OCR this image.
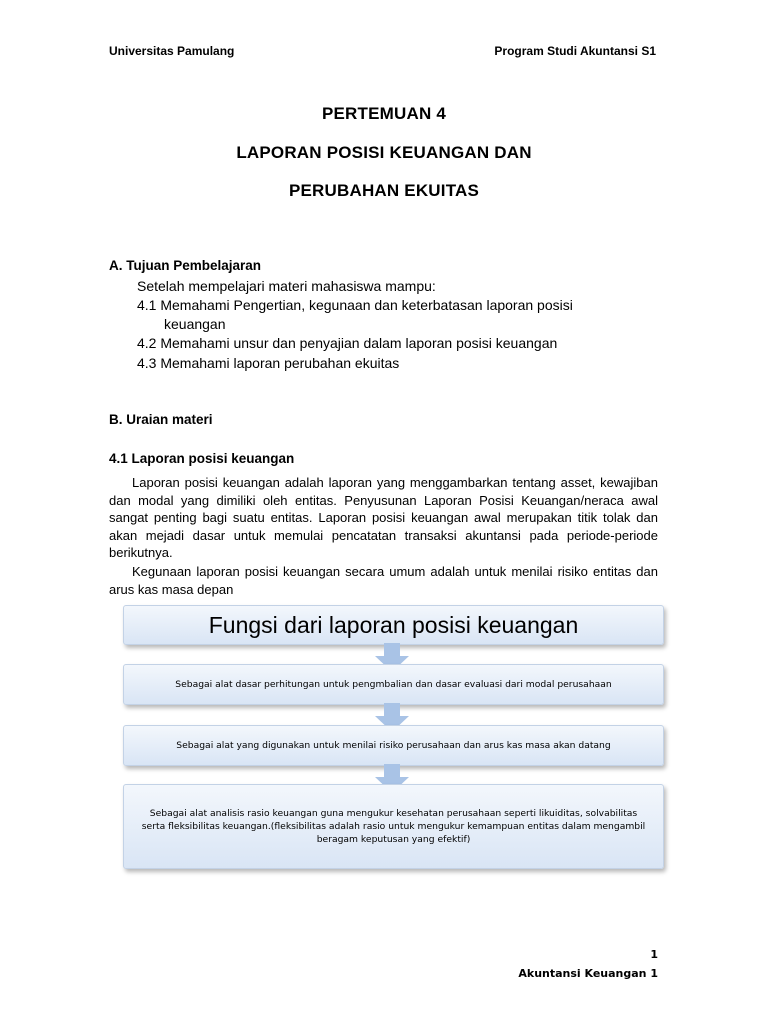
Universitas Pamulang	Program Studi Akuntansi S1
PERTEMUAN 4
LAPORAN POSISI KEUANGAN DAN
PERUBAHAN EKUITAS
A. Tujuan Pembelajaran
Setelah mempelajari materi mahasiswa mampu:
4.1 Memahami Pengertian, kegunaan dan keterbatasan laporan posisi
keuangan
4.2 Memahami unsur dan penyajian dalam laporan posisi keuangan
4.3 Memahami laporan perubahan ekuitas
B. Uraian materi
4.1 Laporan posisi keuangan

Laporan posisi keuangan adalah laporan yang menggambarkan tentang asset, kewajiban dan modal yang dimiliki oleh entitas. Penyusunan Laporan Posisi Keuangan/neraca awal sangat penting bagi suatu entitas. Laporan posisi keuangan awal merupakan titik tolak dan akan mejadi dasar untuk memulai pencatatan transaksi akuntansi pada periode-periode berikutnya.

Kegunaan laporan posisi keuangan secara umum adalah untuk menilai risiko entitas dan arus kas masa depan

Fungsi dari laporan posisi keuangan
Sebagai alat dasar perhitungan untuk pengmbalian dan dasar evaluasi dari modal perusahaan
Sebagai alat yang digunakan untuk menilai risiko perusahaan dan arus kas masa akan datang
Sebagai alat analisis rasio keuangan guna mengukur kesehatan perusahaan seperti likuiditas, solvabilitas serta fleksibilitas keuangan.(fleksibilitas adalah rasio untuk mengukur kemampuan entitas dalam mengambil beragam keputusan yang efektif)
1
Akuntansi Keuangan 1
